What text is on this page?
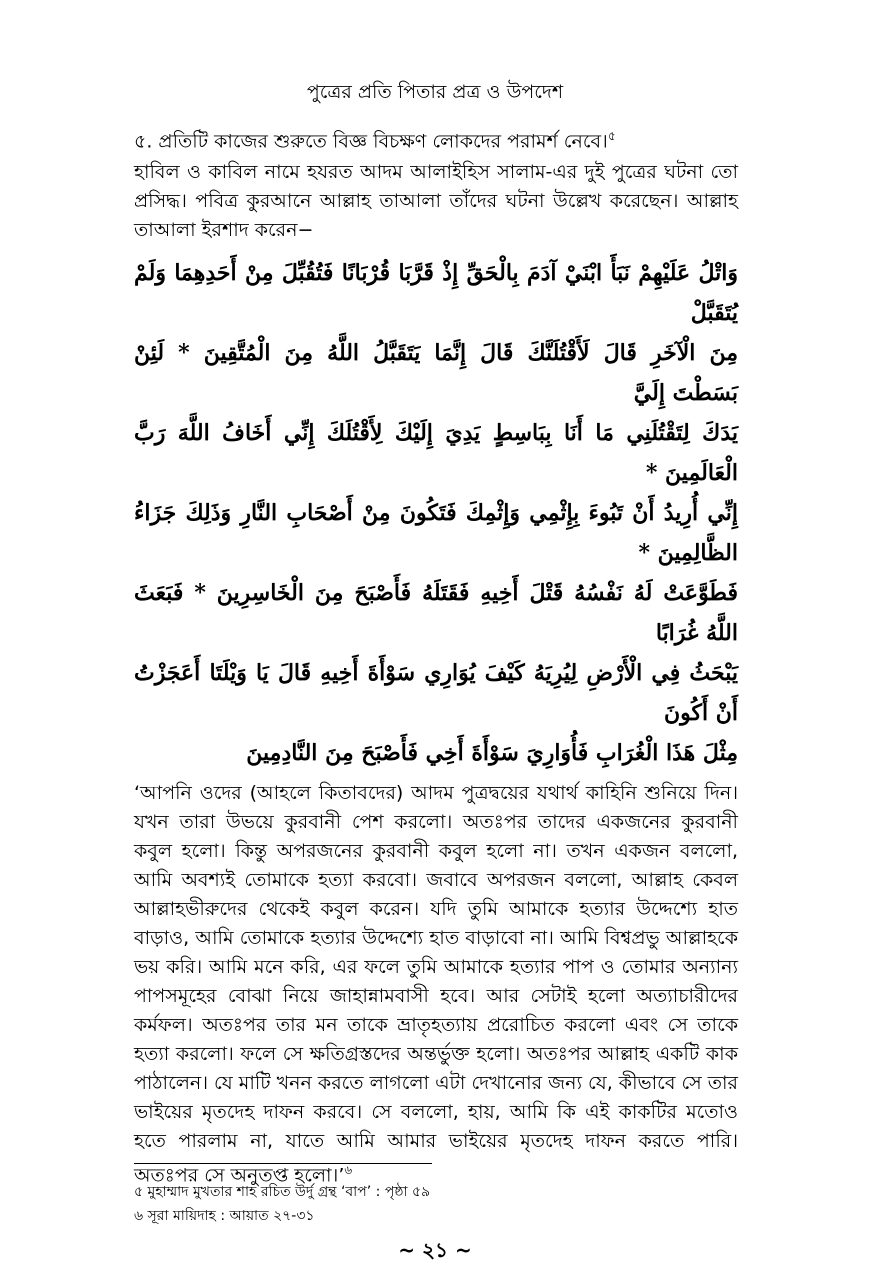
পুত্রের প্রতি পিতার প্রত্র ও উপদেশ

৫. প্রতিটি কাজের শুরুতে বিজ্ঞ বিচক্ষণ লোকদের পরামর্শ নেবে।$^৫$

হাবিল ও কাবিল নামে হযরত আদম আলাইহিস সালাম-এর দুই পুত্রের ঘটনা তো প্রসিদ্ধ। পবিত্র কুরআনে আল্লাহ তাআলা তাঁদের ঘটনা উল্লেখ করেছেন। আল্লাহ তাআলা ইরশাদ করেন−

وَاتْلُ عَلَيْهِمْ نَبَأَ ابْنَيْ آدَمَ بِالْحَقِّ إِذْ قَرَّبَا قُرْبَانًا فَتُقُبِّلَ مِنْ أَحَدِهِمَا وَلَمْ يُتَقَبَّلْ
مِنَ الْآخَرِ قَالَ لَأَقْتُلَنَّكَ قَالَ إِنَّمَا يَتَقَبَّلُ اللَّهُ مِنَ الْمُتَّقِينَ * لَئِنْ بَسَطْتَ إِلَيَّ
يَدَكَ لِتَقْتُلَنِي مَا أَنَا بِبَاسِطٍ يَدِيَ إِلَيْكَ لِأَقْتُلَكَ إِنِّي أَخَافُ اللَّهَ رَبَّ الْعَالَمِينَ *
إِنِّي أُرِيدُ أَنْ تَبُوءَ بِإِثْمِي وَإِثْمِكَ فَتَكُونَ مِنْ أَصْحَابِ النَّارِ وَذَلِكَ جَزَاءُ الظَّالِمِينَ *
فَطَوَّعَتْ لَهُ نَفْسُهُ قَتْلَ أَخِيهِ فَقَتَلَهُ فَأَصْبَحَ مِنَ الْخَاسِرِينَ * فَبَعَثَ اللَّهُ غُرَابًا
يَبْحَثُ فِي الْأَرْضِ لِيُرِيَهُ كَيْفَ يُوَارِي سَوْأَةَ أَخِيهِ قَالَ يَا وَيْلَتَا أَعَجَزْتُ أَنْ أَكُونَ
مِثْلَ هَذَا الْغُرَابِ فَأُوَارِيَ سَوْأَةَ أَخِي فَأَصْبَحَ مِنَ النَّادِمِينَ

‘আপনি ওদের (আহলে কিতাবদের) আদম পুত্রদ্বয়ের যথার্থ কাহিনি শুনিয়ে দিন। যখন তারা উভয়ে কুরবানী পেশ করলো। অতঃপর তাদের একজনের কুরবানী কবুল হলো। কিন্তু অপরজনের কুরবানী কবুল হলো না। তখন একজন বললো, আমি অবশ্যই তোমাকে হত্যা করবো। জবাবে অপরজন বললো, আল্লাহ কেবল আল্লাহভীরুদের থেকেই কবুল করেন। যদি তুমি আমাকে হত্যার উদ্দেশ্যে হাত বাড়াও, আমি তোমাকে হত্যার উদ্দেশ্যে হাত বাড়াবো না। আমি বিশ্বপ্রভু আল্লাহকে ভয় করি। আমি মনে করি, এর ফলে তুমি আমাকে হত্যার পাপ ও তোমার অন্যান্য পাপসমূহের বোঝা নিয়ে জাহান্নামবাসী হবে। আর সেটাই হলো অত্যাচারীদের কর্মফল। অতঃপর তার মন তাকে ভ্রাতৃহত্যায় প্ররোচিত করলো এবং সে তাকে হত্যা করলো। ফলে সে ক্ষতিগ্রস্তদের অন্তর্ভুক্ত হলো। অতঃপর আল্লাহ একটি কাক পাঠালেন। যে মাটি খনন করতে লাগলো এটা দেখানোর জন্য যে, কীভাবে সে তার ভাইয়ের মৃতদেহ দাফন করবে। সে বললো, হায়, আমি কি এই কাকটির মতোও হতে পারলাম না, যাতে আমি আমার ভাইয়ের মৃতদেহ দাফন করতে পারি। অতঃপর সে অনুতপ্ত হলো।’$^৬$

৫ মুহাম্মাদ মুখতার শাহ রচিত উর্দু গ্রন্থ ‘বাপ’ : পৃষ্ঠা ৫৯
৬ সূরা মায়িদাহ : আয়াত ২৭-৩১
~ ২১ ~
